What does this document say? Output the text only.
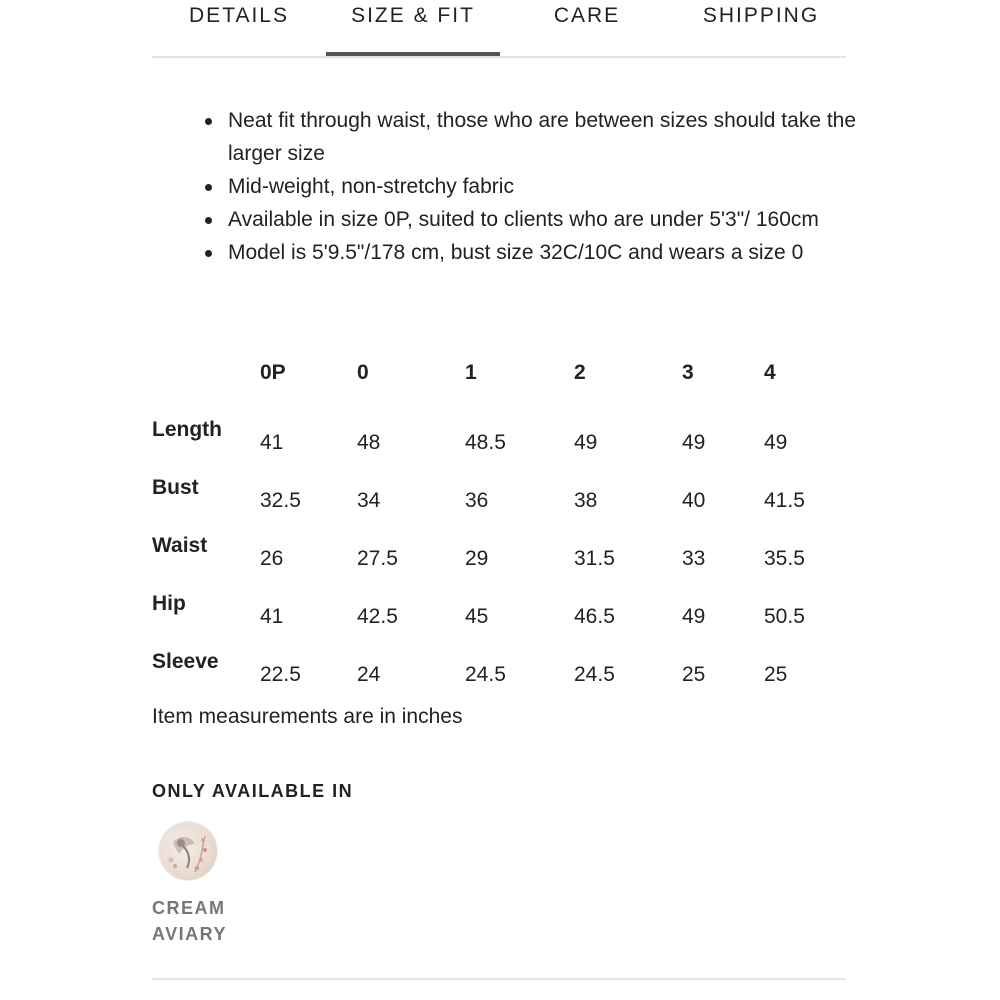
DETAILS	SIZE & FIT	CARE	SHIPPING
Neat fit through waist, those who are between sizes should take the larger size
Mid-weight, non-stretchy fabric
Available in size 0P, suited to clients who are under 5'3"/ 160cm
Model is 5'9.5"/178 cm, bust size 32C/10C and wears a size 0
0P	0	1	2	3	4
Length
41	48	48.5	49	49	49
Bust
32.5	34	36	38	40	41.5
Waist
26	27.5	29	31.5	33	35.5
Hip
41	42.5	45	46.5	49	50.5
Sleeve
22.5	24	24.5	24.5	25	25
Item measurements are in inches
ONLY AVAILABLE IN
CREAM
AVIARY
